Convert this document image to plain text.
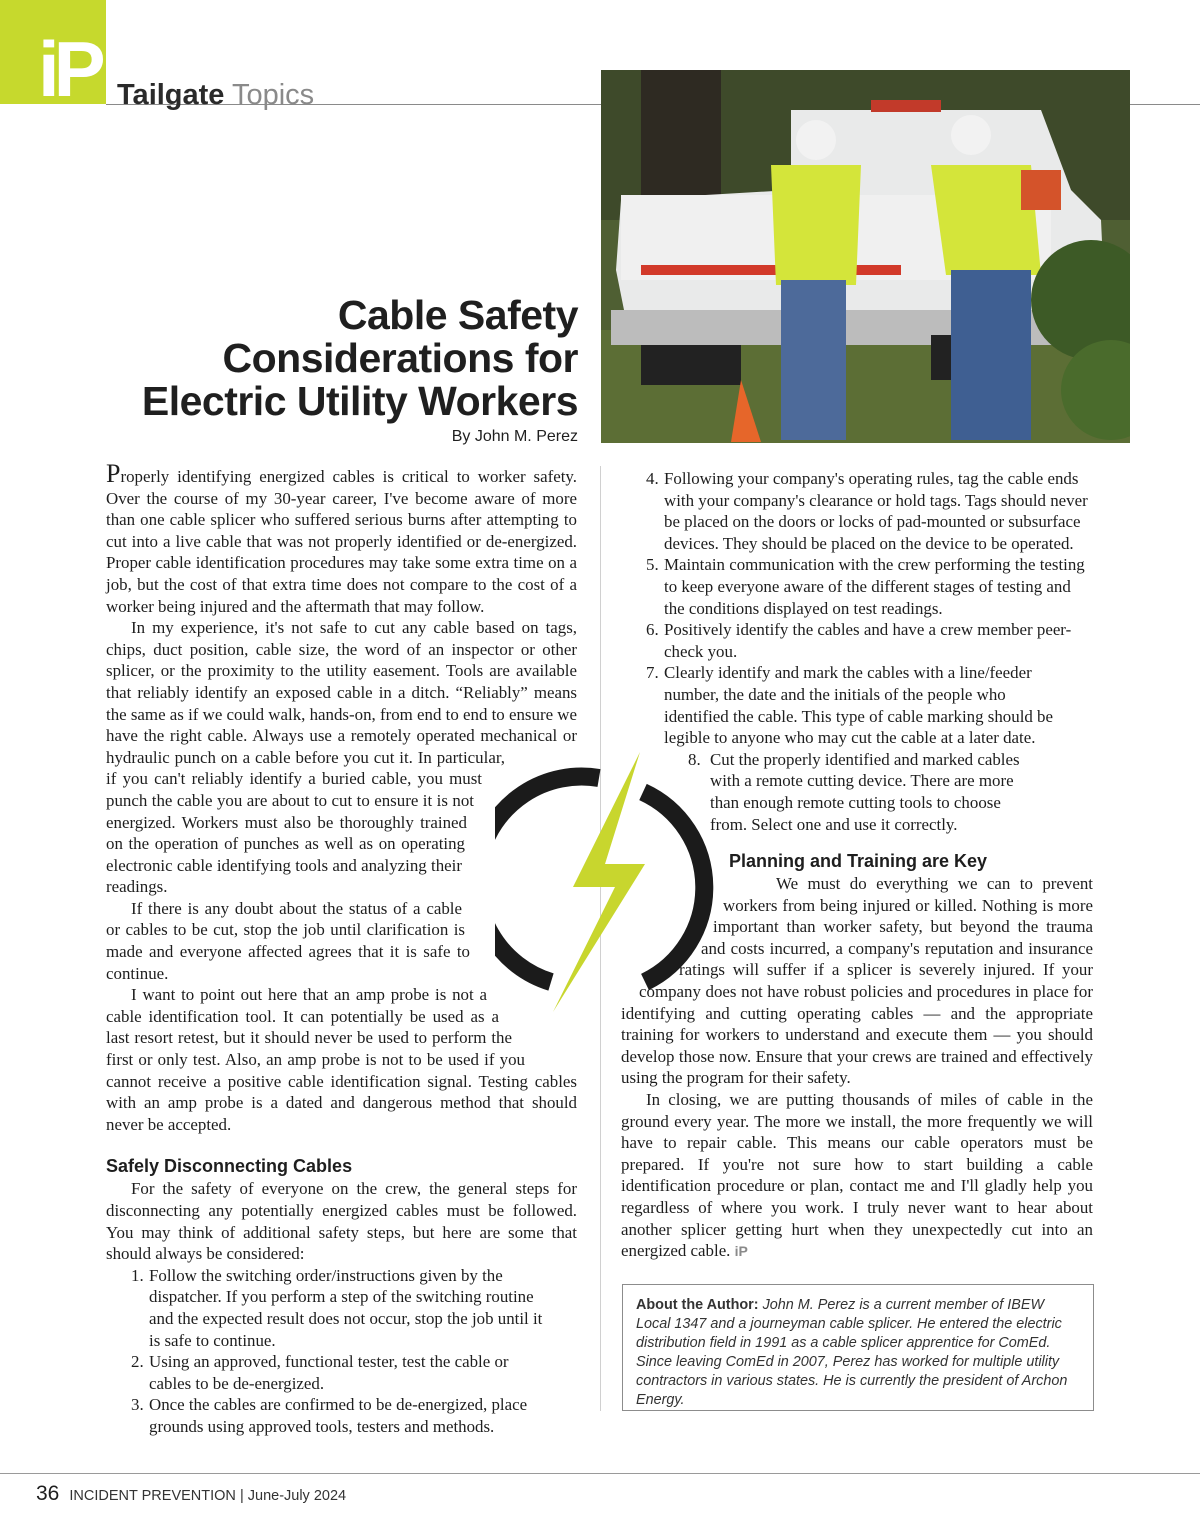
iP Tailgate Topics
Cable Safety
Considerations for
Electric Utility Workers
By John M. Perez

Properly identifying energized cables is critical to worker safety. Over the course of my 30-year career, I've become aware of more than one cable splicer who suffered serious burns after attempting to cut into a live cable that was not properly identified or de-energized. Proper cable identification procedures may take some extra time on a job, but the cost of that extra time does not compare to the cost of a worker being injured and the aftermath that may follow.

In my experience, it's not safe to cut any cable based on tags, chips, duct position, cable size, the word of an inspector or other splicer, or the proximity to the utility easement. Tools are available that reliably identify an exposed cable in a ditch. “Reliably” means the same as if we could walk, hands-on, from end to end to ensure we have the right cable. Always use a remotely operated mechanical or hydraulic punch on a cable before you cut it. In particular, if you can't reliably identify a buried cable, you must punch the cable you are about to cut to ensure it is not energized. Workers must also be thoroughly trained on the operation of punches as well as on operating electronic cable identifying tools and analyzing their readings.

If there is any doubt about the status of a cable or cables to be cut, stop the job until clarification is made and everyone affected agrees that it is safe to continue.

I want to point out here that an amp probe is not a cable identification tool. It can potentially be used as a last resort retest, but it should never be used to perform the first or only test. Also, an amp probe is not to be used if you cannot receive a positive cable identification signal. Testing cables with an amp probe is a dated and dangerous method that should never be accepted.

Safely Disconnecting Cables

For the safety of everyone on the crew, the general steps for disconnecting any potentially energized cables must be followed. You may think of additional safety steps, but here are some that should always be considered:

1. Follow the switching order/instructions given by the dispatcher. If you perform a step of the switching routine and the expected result does not occur, stop the job until it is safe to continue.
2. Using an approved, functional tester, test the cable or cables to be de-energized.
3. Once the cables are confirmed to be de-energized, place grounds using approved tools, testers and methods.
4. Following your company's operating rules, tag the cable ends with your company's clearance or hold tags. Tags should never be placed on the doors or locks of pad-mounted or subsurface devices. They should be placed on the device to be operated.
5. Maintain communication with the crew performing the testing to keep everyone aware of the different stages of testing and the conditions displayed on test readings.
6. Positively identify the cables and have a crew member peer-check you.
7. Clearly identify and mark the cables with a line/feeder number, the date and the initials of the people who identified the cable. This type of cable marking should be legible to anyone who may cut the cable at a later date.
8. Cut the properly identified and marked cables with a remote cutting device. There are more than enough remote cutting tools to choose from. Select one and use it correctly.
Planning and Training are Key

We must do everything we can to prevent workers from being injured or killed. Nothing is more important than worker safety, but beyond the trauma and costs incurred, a company's reputation and insurance ratings will suffer if a splicer is severely injured. If your company does not have robust policies and procedures in place for identifying and cutting operating cables — and the appropriate training for workers to understand and execute them — you should develop those now. Ensure that your crews are trained and effectively using the program for their safety.

In closing, we are putting thousands of miles of cable in the ground every year. The more we install, the more frequently we will have to repair cable. This means our cable operators must be prepared. If you're not sure how to start building a cable identification procedure or plan, contact me and I'll gladly help you regardless of where you work. I truly never want to hear about another splicer getting hurt when they unexpectedly cut into an energized cable. iP

About the Author: John M. Perez is a current member of IBEW Local 1347 and a journeyman cable splicer. He entered the electric distribution field in 1991 as a cable splicer apprentice for ComEd. Since leaving ComEd in 2007, Perez has worked for multiple utility contractors in various states. He is currently the president of Archon Energy.
36 INCIDENT PREVENTION | June-July 2024
